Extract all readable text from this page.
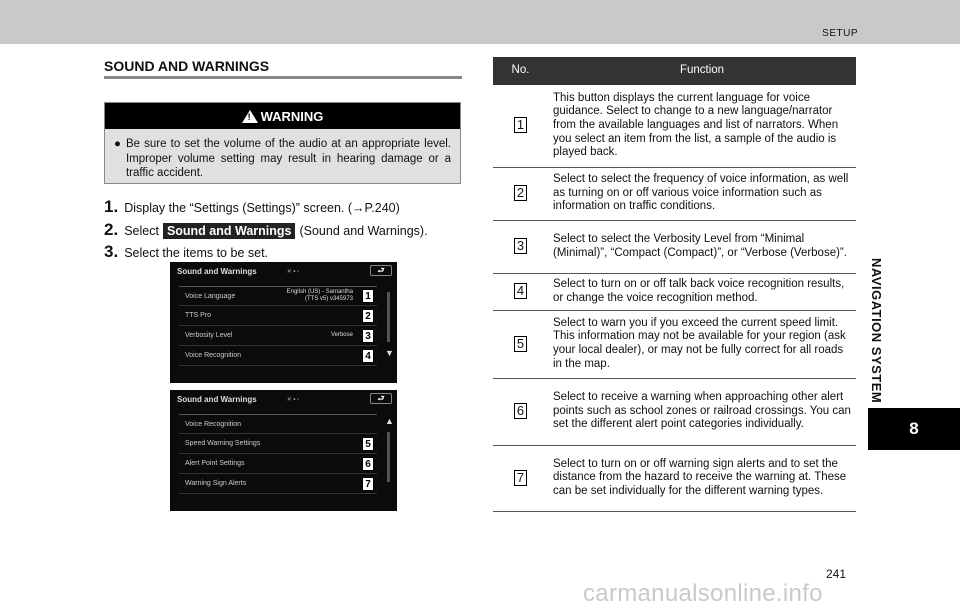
SETUP
NAVIGATION SYSTEM
8
SOUND AND WARNINGS
! WARNING
● Be sure to set the volume of the audio at an appropriate level. Improper volume setting may result in hearing damage or a traffic accident.
1. Display the “Settings (Settings)” screen. (→P.240)
2. Select Sound and Warnings (Sound and Warnings).
3. Select the items to be set.
Sound and Warnings	✕ • ▫	⮐
Voice Language
English (US) - Samantha
(TTS v5) v345973	1
TTS Pro	2
Verbosity Level	Verbose	3
Voice Recognition	4	▼
Sound and Warnings	✕ • ▫	⮐
Voice Recognition
Speed Warning Settings	5
Alert Point Settings	6
Warning Sign Alerts	7
▲
No.	Function
1	This button displays the current language for voice guidance. Select to change to a new language/narrator from the available languages and list of narrators. When you select an item from the list, a sample of the audio is played back.
2	Select to select the frequency of voice information, as well as turning on or off various voice information such as information on traffic conditions.
3	Select to select the Verbosity Level from “Minimal (Minimal)”, “Compact (Compact)”, or “Verbose (Verbose)”.
4	Select to turn on or off talk back voice recognition results, or change the voice recognition method.
5	Select to warn you if you exceed the current speed limit. This information may not be available for your region (ask your local dealer), or may not be fully correct for all roads in the map.
6	Select to receive a warning when approaching other alert points such as school zones or railroad crossings. You can set the different alert point categories individually.
7	Select to turn on or off warning sign alerts and to set the distance from the hazard to receive the warning at. These can be set individually for the different warning types.
241
carmanualsonline.info
